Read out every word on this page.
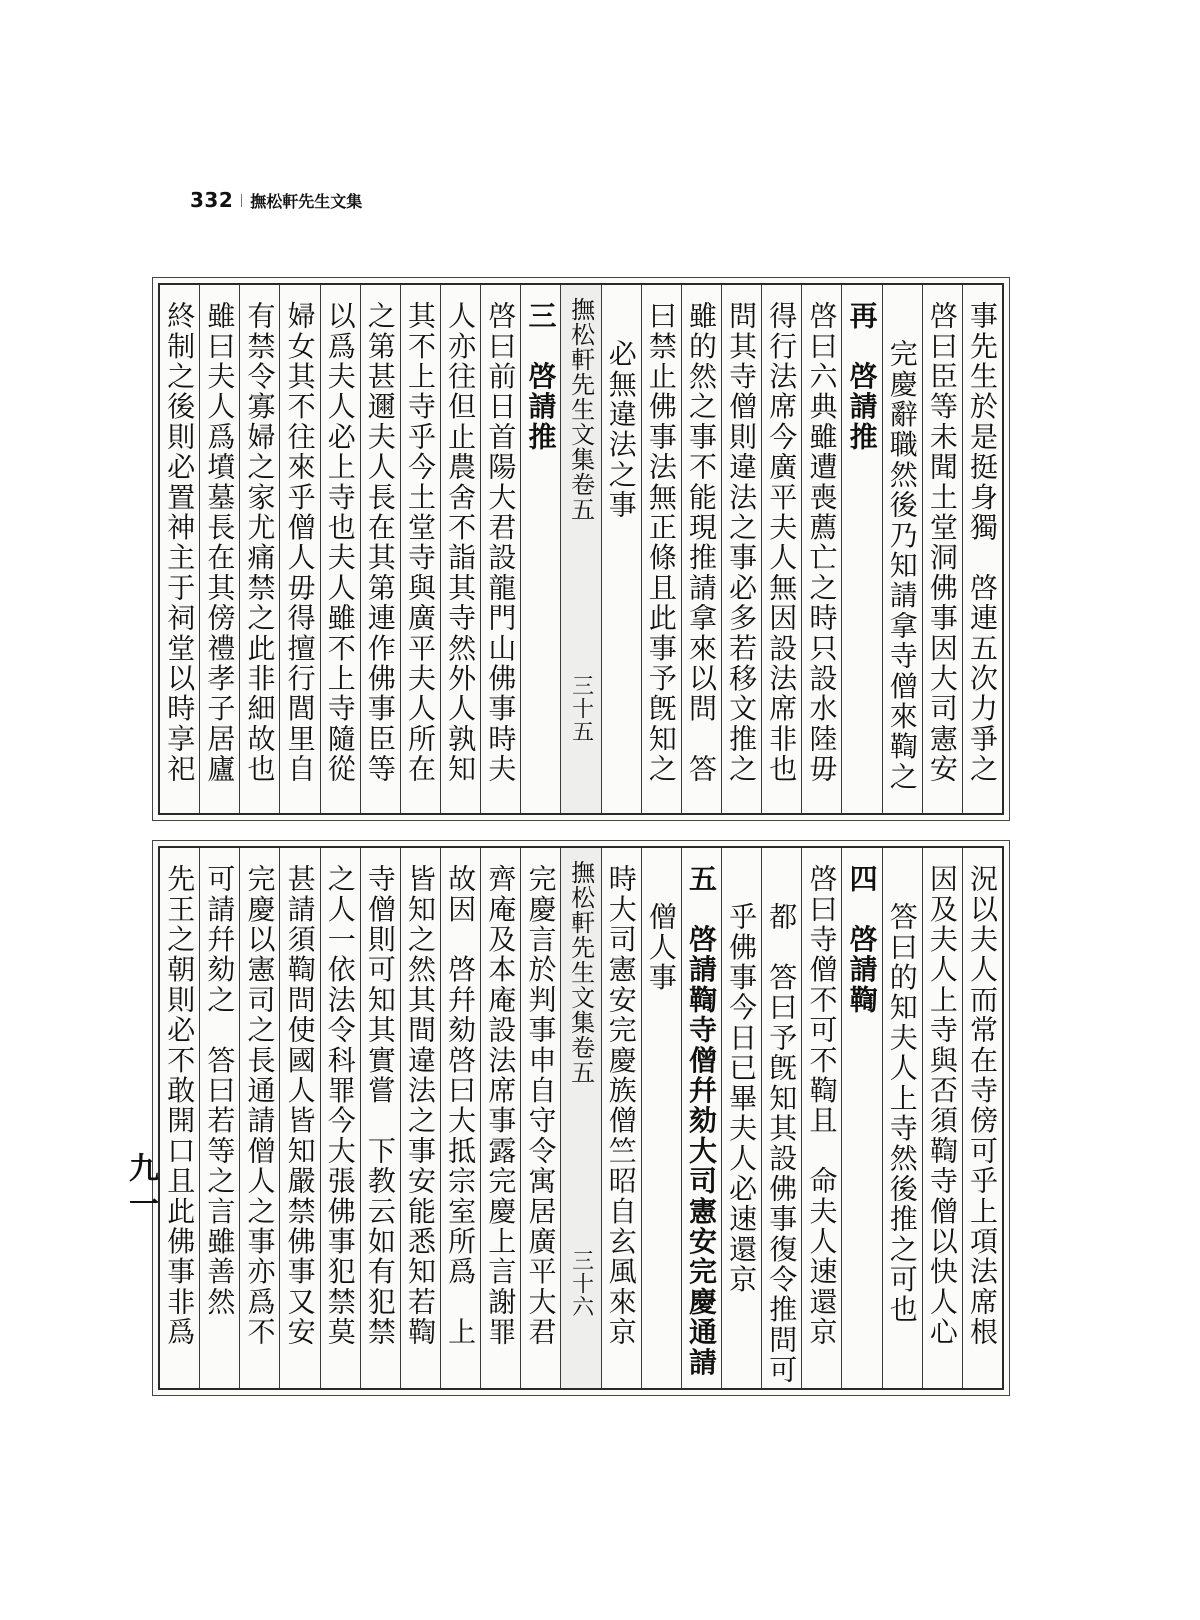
332 撫松軒先生文集
事先生於是挺身獨　啓連五次力爭之
啓曰臣等未聞土堂洞佛事因大司憲安
完慶辭職然後乃知請拿寺僧來鞫之
再　啓請推
啓曰六典雖遭喪薦亡之時只設水陸毋
得行法席今廣平夫人無因設法席非也
問其寺僧則違法之事必多若移文推之
雖的然之事不能現推請拿來以問　答
曰禁止佛事法無正條且此事予旣知之
必無違法之事
撫松軒先生文集卷五
三十五
三　啓請推
啓曰前日首陽大君設龍門山佛事時夫
人亦往但止農舍不詣其寺然外人孰知
其不上寺乎今土堂寺與廣平夫人所在
之第甚邇夫人長在其第連作佛事臣等
以爲夫人必上寺也夫人雖不上寺隨從
婦女其不往來乎僧人毋得擅行閭里自
有禁令寡婦之家尤痛禁之此非細故也
雖曰夫人爲墳墓長在其傍禮孝子居廬
終制之後則必置神主于祠堂以時享祀
況以夫人而常在寺傍可乎上項法席根
因及夫人上寺與否須鞫寺僧以快人心
答曰的知夫人上寺然後推之可也
四　啓請鞫
啓曰寺僧不可不鞫且　命夫人速還京
都　答曰予旣知其設佛事復令推問可
乎佛事今日已畢夫人必速還京
五　啓請鞫寺僧幷劾大司憲安完慶通請
僧人事
時大司憲安完慶族僧竺昭自玄風來京
撫松軒先生文集卷五
三十六
完慶言於判事申自守令寓居廣平大君
齊庵及本庵設法席事露完慶上言謝罪
故因　啓幷劾啓曰大抵宗室所爲　上
皆知之然其間違法之事安能悉知若鞫
寺僧則可知其實嘗　下教云如有犯禁
之人一依法令科罪今大張佛事犯禁莫
甚請須鞫問使國人皆知嚴禁佛事又安
完慶以憲司之長通請僧人之事亦爲不
可請幷劾之　答曰若等之言雖善然
先王之朝則必不敢開口且此佛事非爲
九一
